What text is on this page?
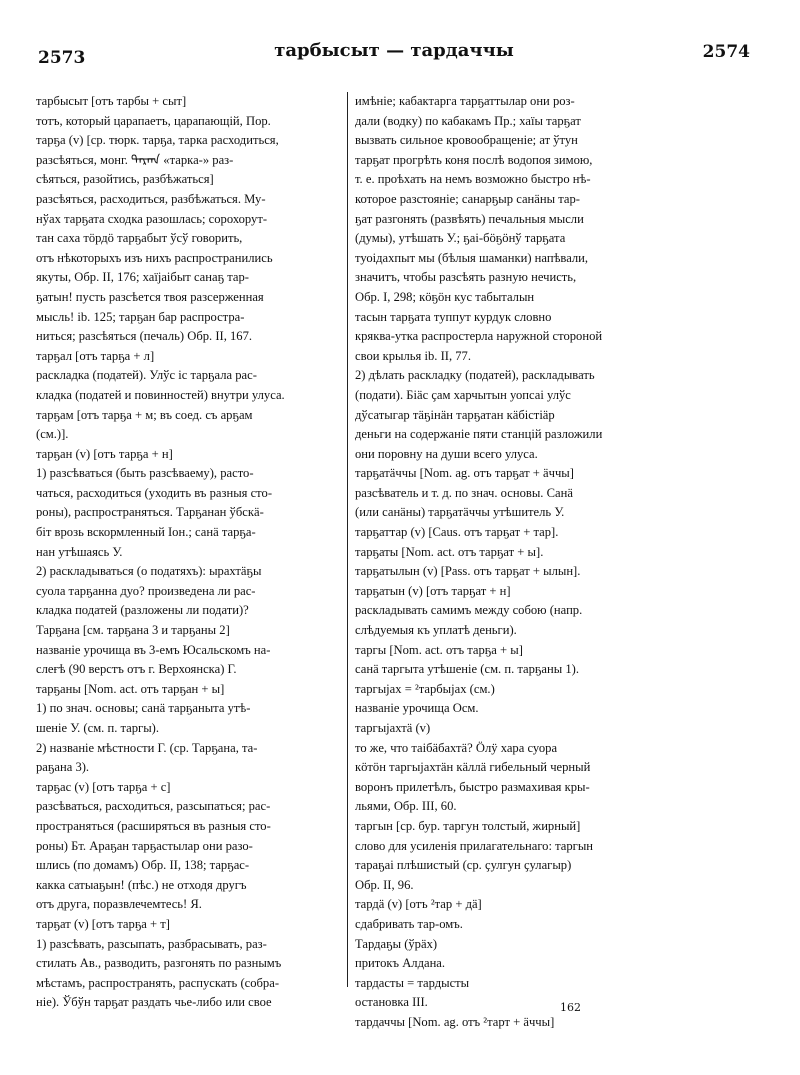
2573	тарбысыт — тардаччы	2574
тарбысыт [отъ тарбы + сыт]
тотъ, который царапаетъ, царапающій, Пор.
тарҕа (v) [ср. тюрк. тарҕа, тарка расходиться,
разсѣяться, монг. ᠲᠠᠷᠬᠠ «тарка-» раз-
сѣяться, разойтись, разбѣжаться]
разсѣяться, расходиться, разбѣжаться. Му-
нўах тарҕата сходка разошлась; сорохорут-
тан саха тӧрдӧ тарҕабыт ўсў говорить,
отъ нѣкоторыхъ изъ нихъ распространились
якуты, Обр. II, 176; хаїјаібыт санаҕ тар-
ҕатын! пусть разсѣется твоя разсерженная
мысль! ib. 125; тарҕан бар распростра-
ниться; разсѣяться (печаль) Обр. II, 167.
тарҕал [отъ тарҕа + л]
раскладка (податей). Улўс іс тарҕала рас-
кладка (податей и повинностей) внутри улуса.
тарҕам [отъ тарҕа + м; въ соед. съ арҕам
(см.)].
тарҕан (v) [отъ тарҕа + н]
1) разсѣваться (быть разсѣваему), расто-
чаться, расходиться (уходить въ разныя сто-
роны), распространяться. Тарҕанан ўбскӓ-
біт врозь вскормленный Іон.; санӓ тарҕа-
нан утѣшаясь У.
2) раскладываться (о податяхъ): ырахтӓҕы
суола тарҕанна дуо? произведена ли рас-
кладка податей (разложены ли подати)?
Тарҕана [см. тарҕана 3 и тарҕаны 2]
названіе урочища въ 3-емъ Юсальскомъ на-
слеғѣ (90 верстъ отъ г. Верхоянска) Г.
тарҕаны [Nom. act. отъ тарҕан + ы]
1) по знач. основы; санӓ тарҕаныта утѣ-
шеніе У. (см. п. таргы).
2) названіе мѣстности Г. (ср. Тарҕана, та-
раҕана 3).
тарҕас (v) [отъ тарҕа + с]
разсѣваться, расходиться, разсыпаться; рас-
пространяться (расширяться въ разныя сто-
роны) Бт. Араҕан тарҕастылар они разо-
шлись (по домамъ) Обр. II, 138; тарҕас-
какка сатыаҕын! (пѣс.) не отходя другъ
отъ друга, поразвлечемтесь! Я.
тарҕат (v) [отъ тарҕа + т]
1) разсѣвать, разсыпать, разбрасывать, раз-
стилать Ав., разводить, разгонять по разнымъ
мѣстамъ, распространять, распускать (собра-
ніе). Ўбўн тарҕат раздать чье-либо или свое
имѣніе; кабактарга тарҕаттылар они роз-
дали (водку) по кабакамъ Пр.; хаїы тарҕат
вызвать сильное кровообращеніе; ат ўтун
тарҕат прогрѣть коня послѣ водопоя зимою,
т. е. проѣхать на немъ возможно быстро нѣ-
которое разстояніе; санарҕыр санӓны тар-
ҕат разгонять (развѣять) печальныя мысли
(думы), утѣшать У.; ҕаі-бӧҕӧнў тарҕата
туоідахпыт мы (бѣлыя шаманки) напѣвали,
значитъ, чтобы разсѣять разную нечисть,
Обр. I, 298; кӧҕӧн кус табыталын
тасын тарҕата туппут курдук словно
кряква-утка распростерла наружной стороной
свои крылья ib. II, 77.
2) дѣлать раскладку (податей), раскладывать
(подати). Біӓс ҫам харчытын уопсаі улўс
дўсатыгар тӓҕінӓн тарҕатан кӓбістіӓр
деньги на содержаніе пяти станцій разложили
они поровну на души всего улуса.
тарҕатӓччы [Nom. ag. отъ тарҕат + ӓччы]
разсѣватель и т. д. по знач. основы. Санӓ
(или санӓны) тарҕатӓччы утѣшитель У.
тарҕаттар (v) [Caus. отъ тарҕат + тар].
тарҕаты [Nom. act. отъ тарҕат + ы].
тарҕатылын (v) [Pass. отъ тарҕат + ылын].
тарҕатын (v) [отъ тарҕат + н]
раскладывать самимъ между собою (напр.
слѣдуемыя къ уплатѣ деньги).
таргы [Nom. act. отъ тарҕа + ы]
санӓ таргыта утѣшеніе (см. п. тарҕаны 1).
таргыјах = ²тарбыјах (см.)
названіе урочища Осм.
таргыјахтӓ (v)
то же, что таібӓбахтӓ? Ӧлӱ хара суора
кӧтӧн таргыјахтӓн кӓллӓ гибельный черный
воронъ прилетѣлъ, быстро размахивая кры-
льями, Обр. III, 60.
таргын [ср. бур. таргун толстый, жирный]
слово для усиленія прилагательнаго: таргын
тараҕаі плѣшистый (ср. ҫулгун ҫулагыр)
Обр. II, 96.
тардӓ (v) [отъ ²тар + дӓ]
сдабривать тар-омъ.
Тардаҕы (ўрӓх)
притокъ Алдана.
тардасты = тардысты
остановка III.
тардаччы [Nom. ag. отъ ²тарт + ӓччы]
162
